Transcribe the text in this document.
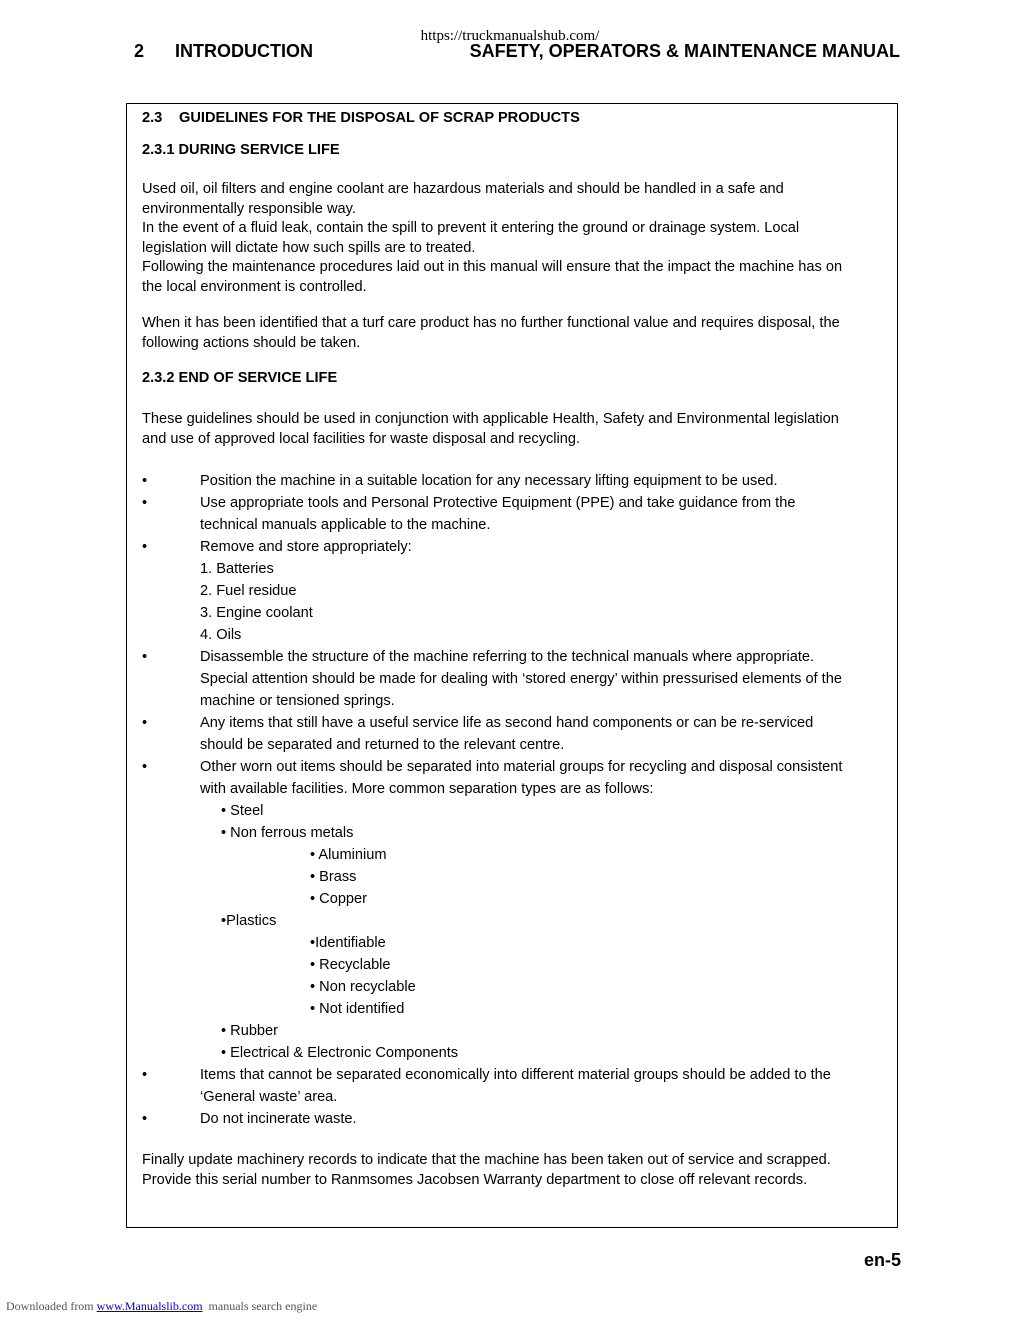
https://truckmanualshub.com/
2 INTRODUCTION	SAFETY, OPERATORS & MAINTENANCE MANUAL
2.3 GUIDELINES FOR THE DISPOSAL OF SCRAP PRODUCTS
2.3.1 DURING SERVICE LIFE

Used oil, oil filters and engine coolant are hazardous materials and should be handled in a safe and
environmentally responsible way.
In the event of a fluid leak, contain the spill to prevent it entering the ground or drainage system. Local
legislation will dictate how such spills are to treated.
Following the maintenance procedures laid out in this manual will ensure that the impact the machine has on
the local environment is controlled.

When it has been identified that a turf care product has no further functional value and requires disposal, the
following actions should be taken.

2.3.2 END OF SERVICE LIFE

These guidelines should be used in conjunction with applicable Health, Safety and Environmental legislation
and use of approved local facilities for waste disposal and recycling.

•	Position the machine in a suitable location for any necessary lifting equipment to be used.
•	Use appropriate tools and Personal Protective Equipment (PPE) and take guidance from the
technical manuals applicable to the machine.
•	Remove and store appropriately:
1. Batteries
2. Fuel residue
3. Engine coolant
4. Oils
•	Disassemble the structure of the machine referring to the technical manuals where appropriate.
Special attention should be made for dealing with ‘stored energy’ within pressurised elements of the
machine or tensioned springs.
•	Any items that still have a useful service life as second hand components or can be re-serviced
should be separated and returned to the relevant centre.
•	Other worn out items should be separated into material groups for recycling and disposal consistent
with available facilities. More common separation types are as follows:
• Steel
• Non ferrous metals
• Aluminium
• Brass
• Copper
•Plastics
•Identifiable
• Recyclable
• Non recyclable
• Not identified
• Rubber
• Electrical & Electronic Components
•	Items that cannot be separated economically into different material groups should be added to the
‘General waste’ area.
•	Do not incinerate waste.

Finally update machinery records to indicate that the machine has been taken out of service and scrapped.
Provide this serial number to Ranmsomes Jacobsen Warranty department to close off relevant records.

en-5
Downloaded from www.Manualslib.com manuals search engine
